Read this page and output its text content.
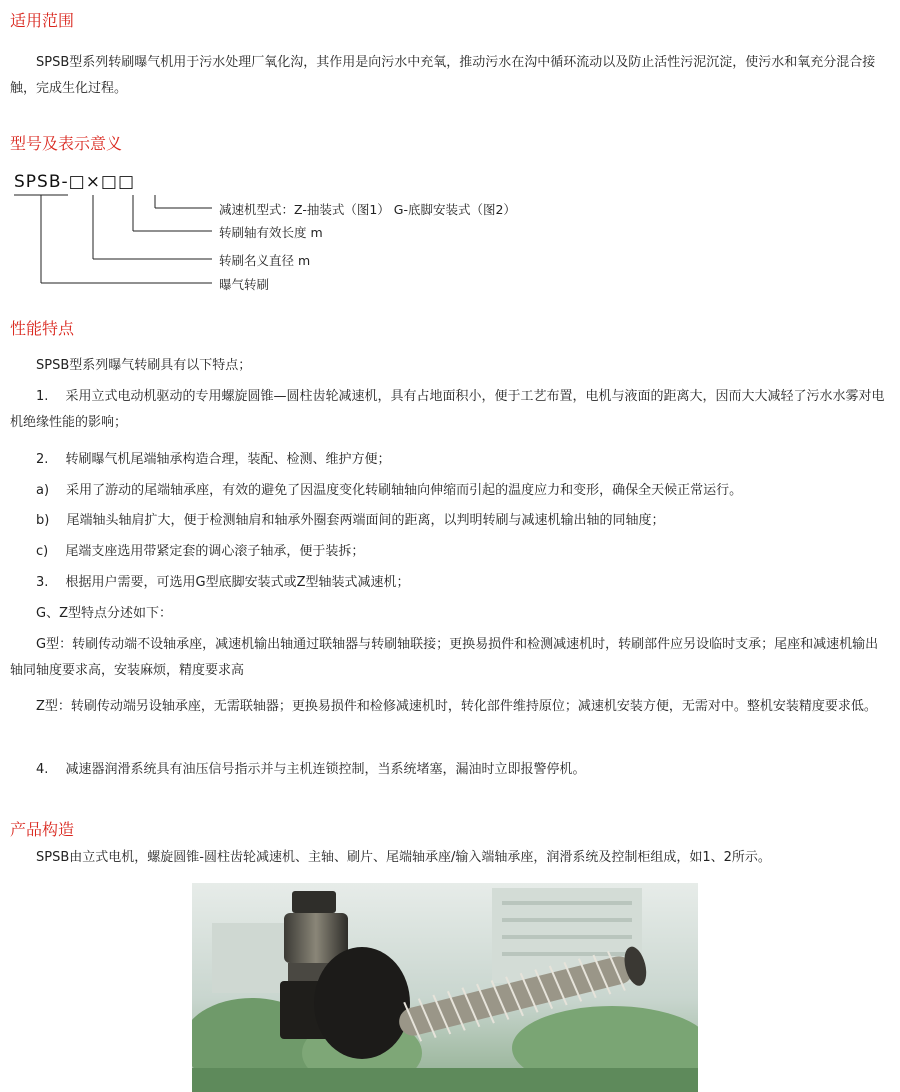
适用范围

SPSB型系列转刷曝气机用于污水处理厂氧化沟，其作用是向污水中充氧，推动污水在沟中循环流动以及防止活性污泥沉淀，使污水和氧充分混合接触，完成生化过程。

型号及表示意义
SPSB-□×□□
减速机型式：Z-抽装式（图1） G-底脚安装式（图2）
转刷轴有效长度 m
转刷名义直径 m
曝气转刷
性能特点

SPSB型系列曝气转刷具有以下特点；

1.　 采用立式电动机驱动的专用螺旋圆锥—圆柱齿轮减速机，具有占地面积小，便于工艺布置，电机与液面的距离大，因而大大减轻了污水水雾对电机绝缘性能的影响；

2.　 转刷曝气机尾端轴承构造合理，装配、检测、维护方便；

a)　 采用了游动的尾端轴承座，有效的避免了因温度变化转刷轴轴向伸缩而引起的温度应力和变形，确保全天候正常运行。

b)　 尾端轴头轴肩扩大，便于检测轴肩和轴承外圈套两端面间的距离，以判明转刷与减速机输出轴的同轴度；

c)　 尾端支座选用带紧定套的调心滚子轴承，便于装拆；

3.　 根据用户需要，可选用G型底脚安装式或Z型轴装式减速机；

G、Z型特点分述如下：

G型：转刷传动端不设轴承座，减速机输出轴通过联轴器与转刷轴联接；更换易损件和检测减速机时，转刷部件应另设临时支承；尾座和减速机输出轴同轴度要求高，安装麻烦，精度要求高

Z型：转刷传动端另设轴承座，无需联轴器；更换易损件和检修减速机时，转化部件维持原位；减速机安装方便，无需对中。整机安装精度要求低。

4.　 减速器润滑系统具有油压信号指示并与主机连锁控制，当系统堵塞，漏油时立即报警停机。

产品构造

SPSB由立式电机，螺旋圆锥-圆柱齿轮减速机、主轴、刷片、尾端轴承座/输入端轴承座，润滑系统及控制柜组成，如1、2所示。
